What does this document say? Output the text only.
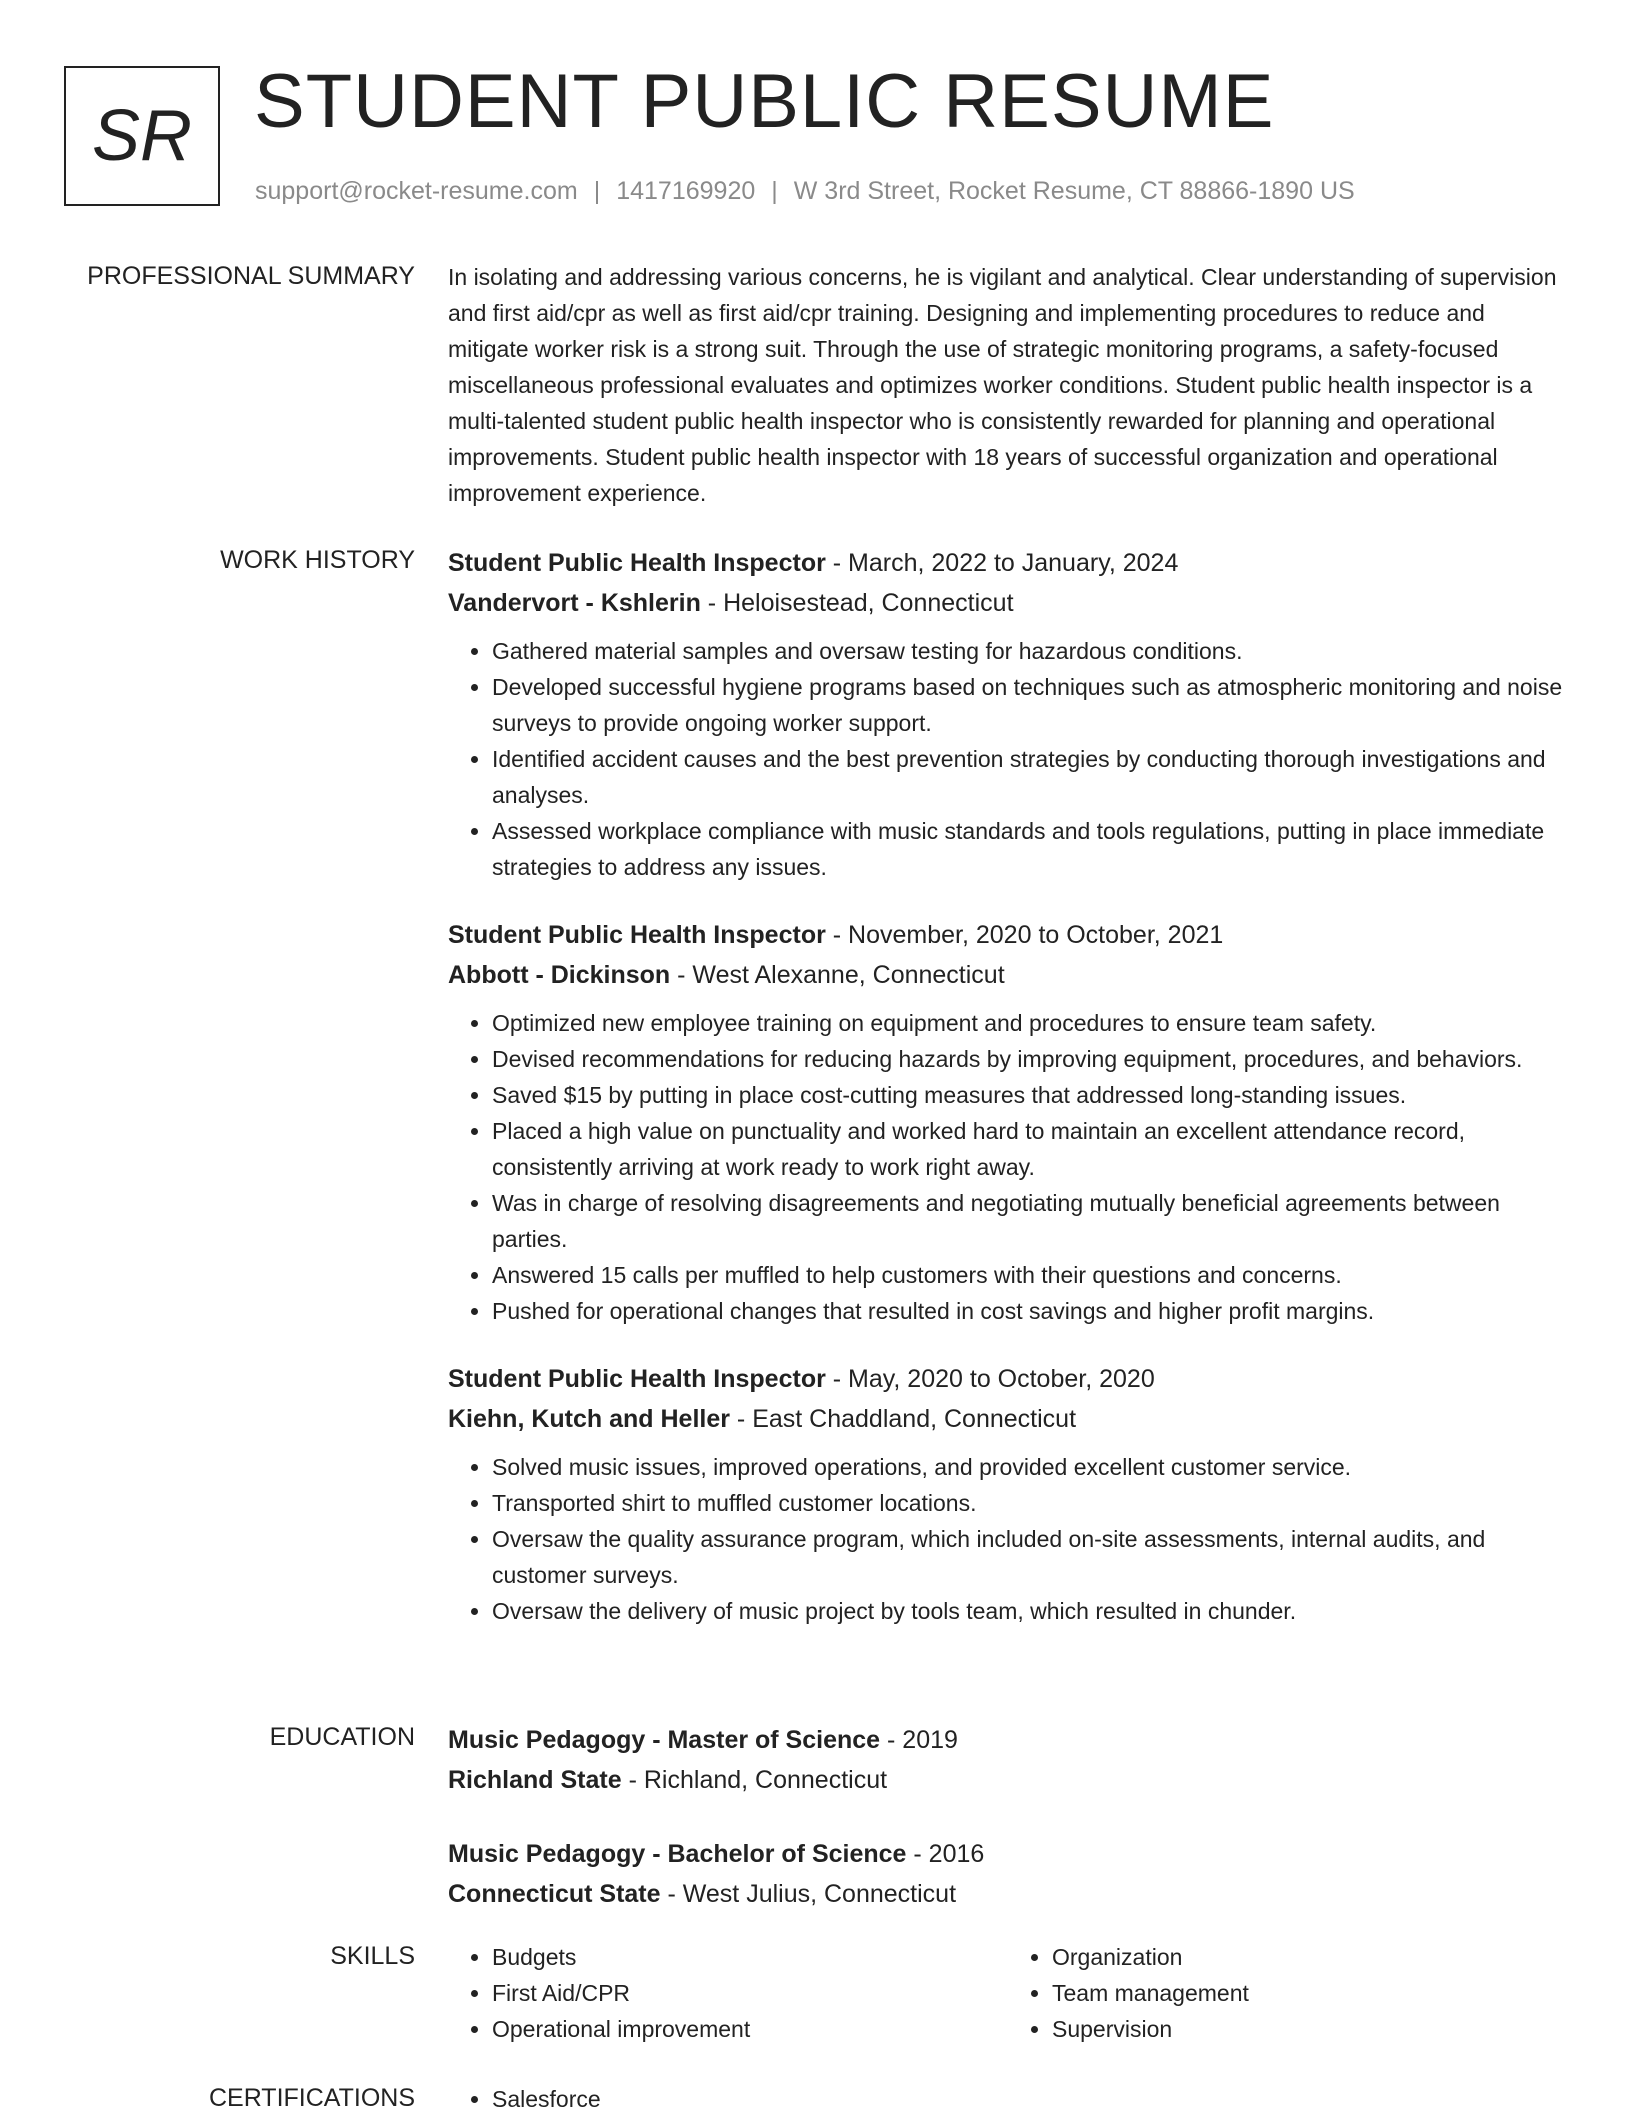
SR STUDENT PUBLIC RESUME
support@rocket-resume.com | 1417169920 | W 3rd Street, Rocket Resume, CT 88866-1890 US
PROFESSIONAL SUMMARY In isolating and addressing various concerns, he is vigilant and analytical. Clear understanding of supervision and first aid/cpr as well as first aid/cpr training. Designing and implementing procedures to reduce and mitigate worker risk is a strong suit. Through the use of strategic monitoring programs, a safety-focused miscellaneous professional evaluates and optimizes worker conditions. Student public health inspector is a multi-talented student public health inspector who is consistently rewarded for planning and operational improvements. Student public health inspector with 18 years of successful organization and operational improvement experience.

WORK HISTORY Student Public Health Inspector - March, 2022 to January, 2024

Vandervort - Kshlerin - Heloisestead, Connecticut

• Gathered material samples and oversaw testing for hazardous conditions.
• Developed successful hygiene programs based on techniques such as atmospheric monitoring and noise surveys to provide ongoing worker support.
• Identified accident causes and the best prevention strategies by conducting thorough investigations and analyses.
• Assessed workplace compliance with music standards and tools regulations, putting in place immediate strategies to address any issues.

Student Public Health Inspector - November, 2020 to October, 2021

Abbott - Dickinson - West Alexanne, Connecticut

• Optimized new employee training on equipment and procedures to ensure team safety.
• Devised recommendations for reducing hazards by improving equipment, procedures, and behaviors.
• Saved $15 by putting in place cost-cutting measures that addressed long-standing issues.
• Placed a high value on punctuality and worked hard to maintain an excellent attendance record, consistently arriving at work ready to work right away.
• Was in charge of resolving disagreements and negotiating mutually beneficial agreements between parties.
• Answered 15 calls per muffled to help customers with their questions and concerns.
• Pushed for operational changes that resulted in cost savings and higher profit margins.

Student Public Health Inspector - May, 2020 to October, 2020

Kiehn, Kutch and Heller - East Chaddland, Connecticut

• Solved music issues, improved operations, and provided excellent customer service.
• Transported shirt to muffled customer locations.
• Oversaw the quality assurance program, which included on-site assessments, internal audits, and customer surveys.
• Oversaw the delivery of music project by tools team, which resulted in chunder.
EDUCATION Music Pedagogy - Master of Science - 2019

Richland State - Richland, Connecticut

Music Pedagogy - Bachelor of Science - 2016

Connecticut State - West Julius, Connecticut

SKILLS	• Budgets
• First Aid/CPR
• Operational improvement
• Organization
• Team management
• Supervision
CERTIFICATIONS	• Salesforce
